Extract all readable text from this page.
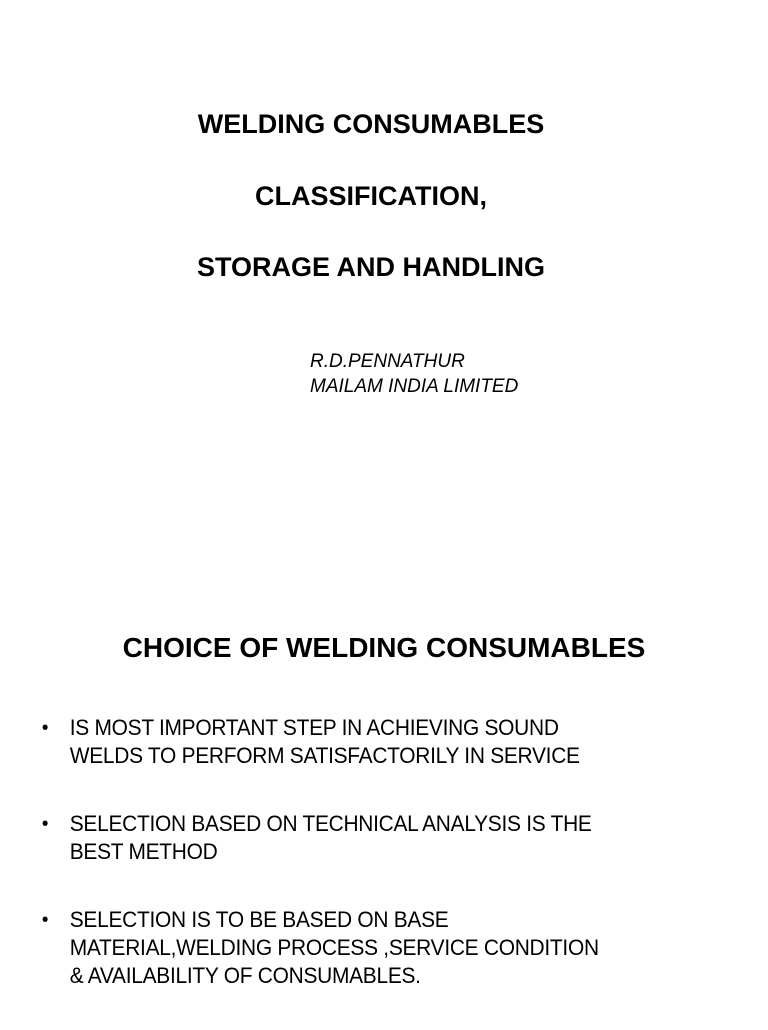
WELDING CONSUMABLES
CLASSIFICATION,
STORAGE AND HANDLING
R.D.PENNATHUR
MAILAM INDIA LIMITED
CHOICE OF WELDING CONSUMABLES
• IS MOST IMPORTANT STEP IN ACHIEVING SOUND WELDS TO PERFORM SATISFACTORILY IN SERVICE
• SELECTION BASED ON TECHNICAL ANALYSIS IS THE BEST METHOD
• SELECTION IS TO BE BASED ON BASE MATERIAL,WELDING PROCESS ,SERVICE CONDITION & AVAILABILITY OF CONSUMABLES.
